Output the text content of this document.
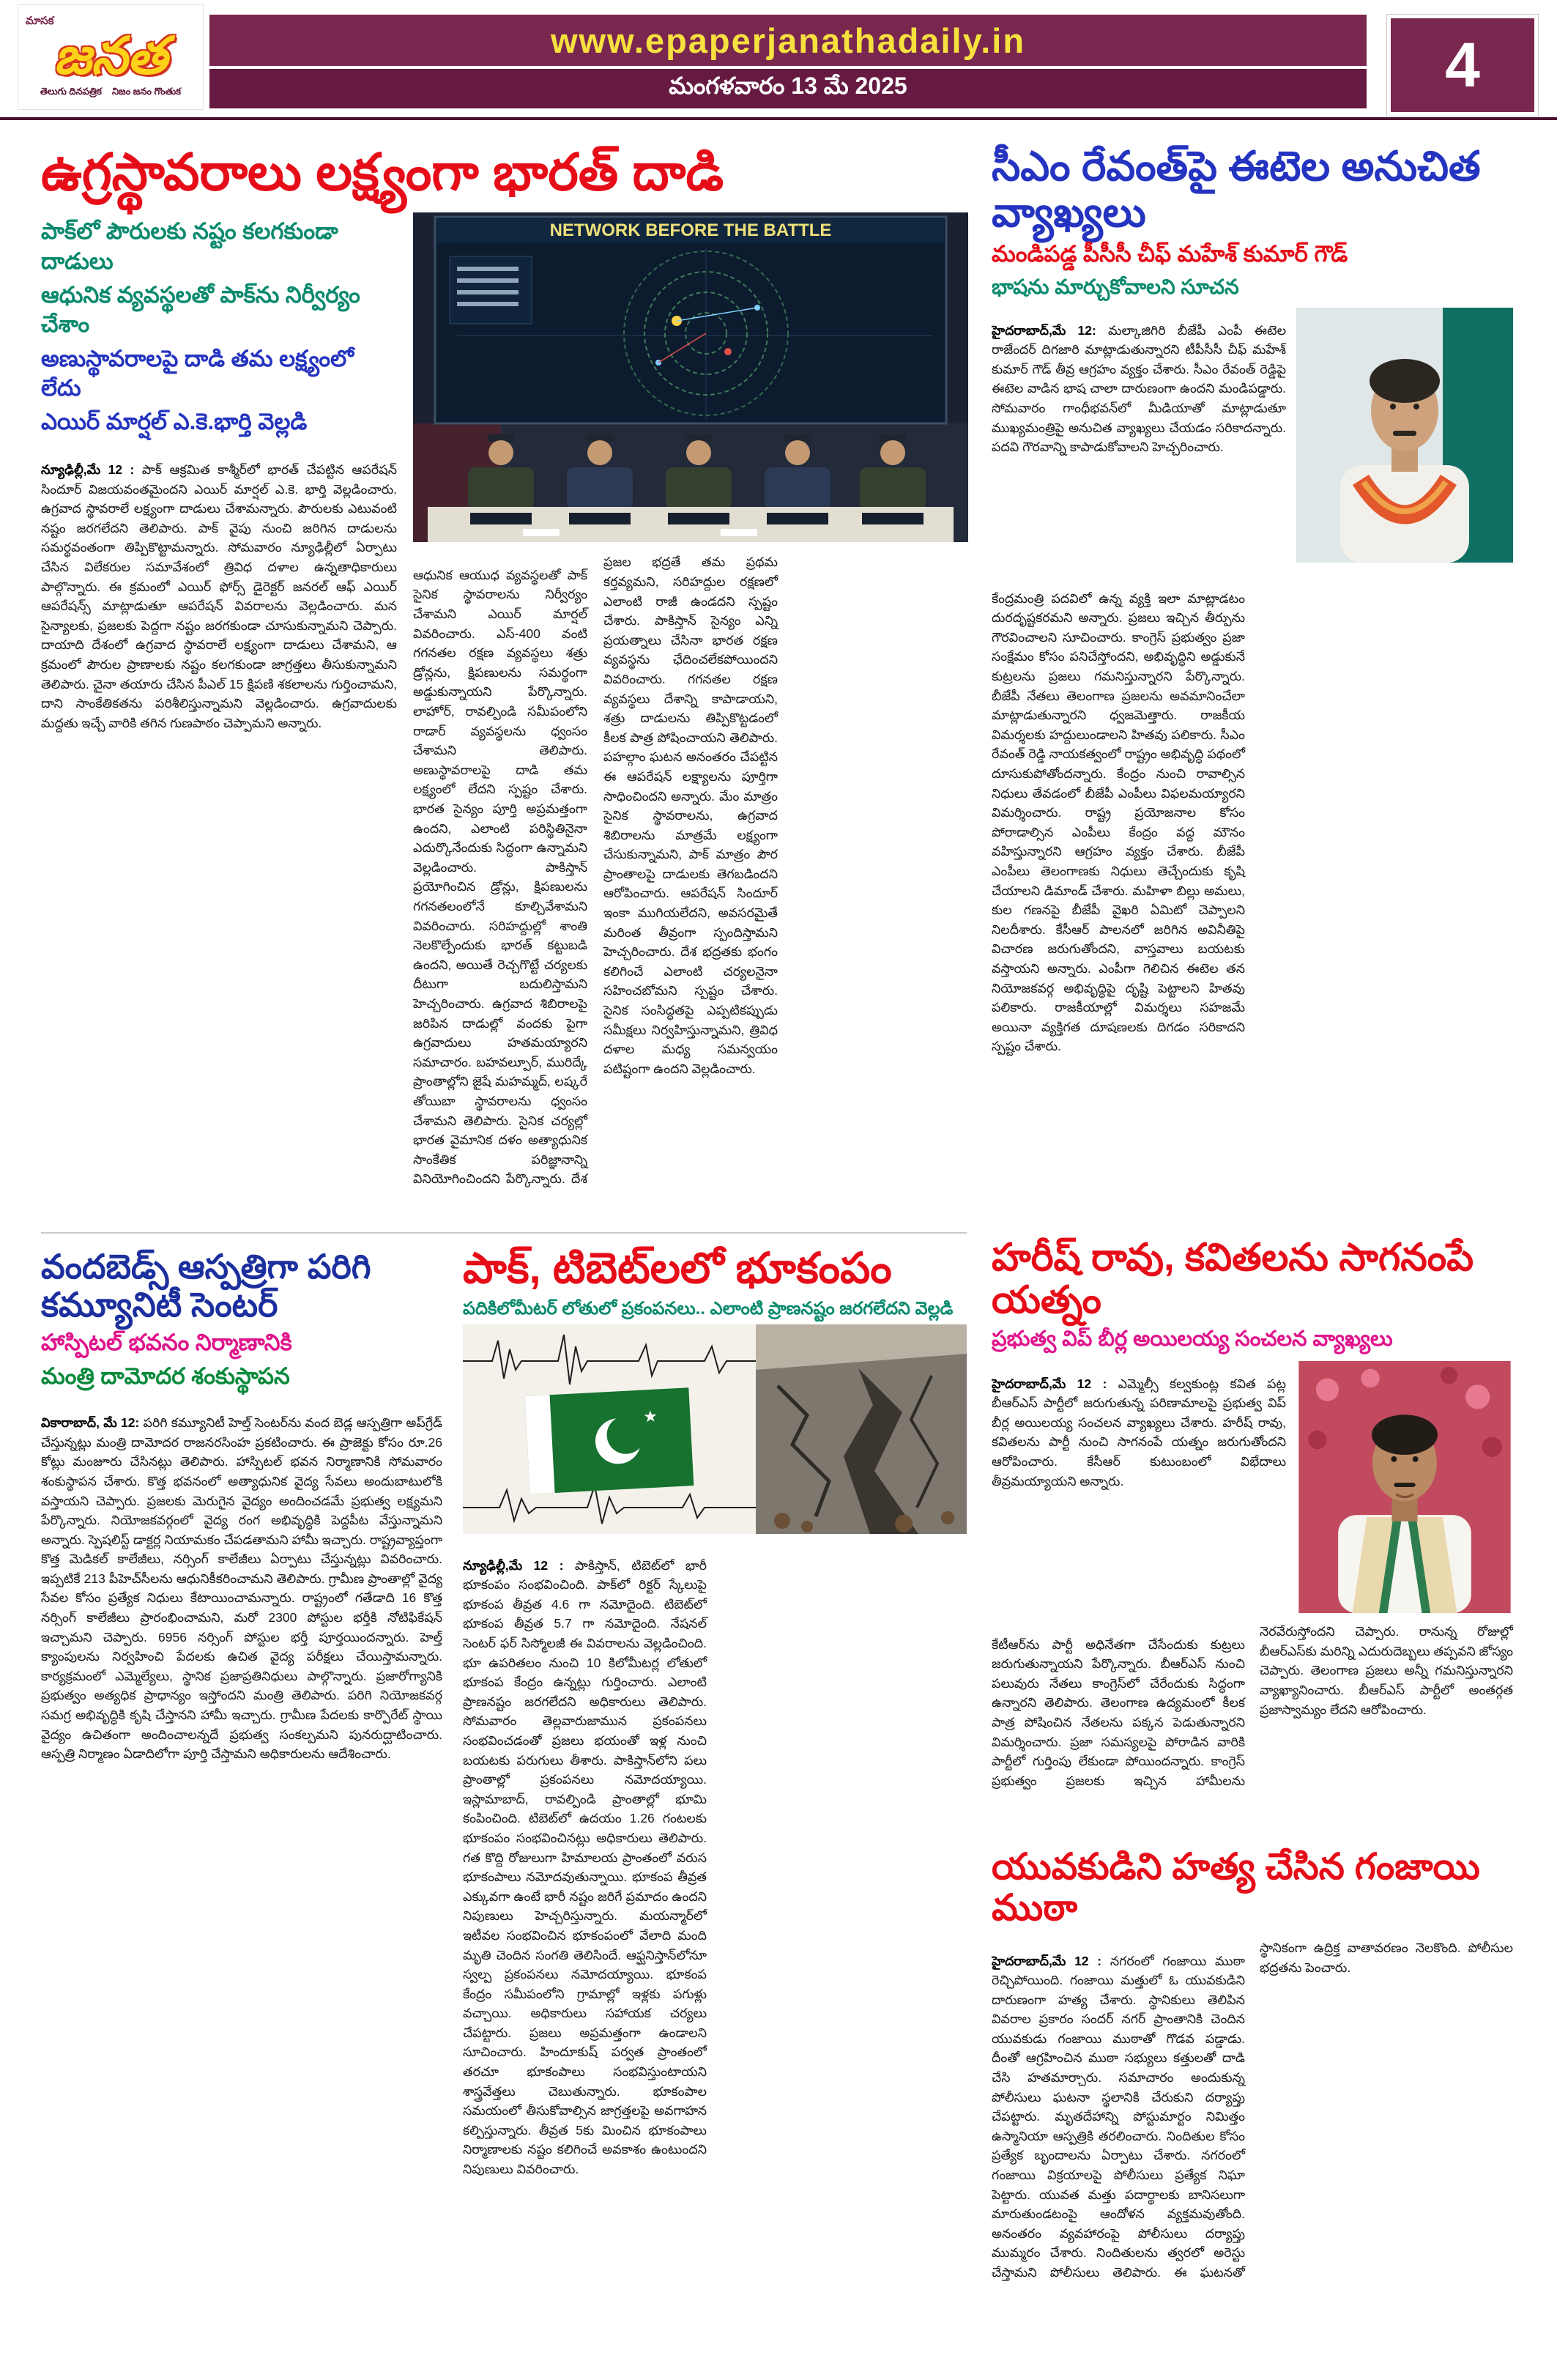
మాసక
జనత
తెలుగు దినపత్రిక నిజం జనం గొంతుక
www.epaperjanathadaily.in
మంగళవారం 13 మే 2025	4
ఉగ్రస్థావరాలు లక్ష్యంగా భారత్ దాడి
పాక్‌లో పౌరులకు నష్టం కలగకుండా దాడులు
ఆధునిక వ్యవస్థలతో పాక్‌ను నిర్వీర్యం చేశాం
అణుస్థావరాలపై దాడి తమ లక్ష్యంలో లేదు
ఎయిర్ మార్షల్ ఎ.కె.భార్తి వెల్లడి

న్యూఢిల్లీ,మే 12 : పాక్ ఆక్రమిత కాశ్మీర్‌లో భారత్ చేపట్టిన ఆపరేషన్ సిందూర్ విజయవంతమైందని ఎయిర్ మార్షల్ ఎ.కె. భార్తి వెల్లడించారు. ఉగ్రవాద స్థావరాలే లక్ష్యంగా దాడులు చేశామన్నారు. పౌరులకు ఎటువంటి నష్టం జరగలేదని తెలిపారు. పాక్ వైపు నుంచి జరిగిన దాడులను సమర్థవంతంగా తిప్పికొట్టామన్నారు. సోమవారం న్యూఢిల్లీలో ఏర్పాటు చేసిన విలేకరుల సమావేశంలో త్రివిధ దళాల ఉన్నతాధికారులు పాల్గొన్నారు. ఈ క్రమంలో ఎయిర్ ఫోర్స్ డైరెక్టర్ జనరల్ ఆఫ్ ఎయిర్ ఆపరేషన్స్ మాట్లాడుతూ ఆపరేషన్ వివరాలను వెల్లడించారు. మన సైన్యాలకు, ప్రజలకు పెద్దగా నష్టం జరగకుండా చూసుకున్నామని చెప్పారు. దాయాది దేశంలో ఉగ్రవాద స్థావరాలే లక్ష్యంగా దాడులు చేశామని, ఆ క్రమంలో పౌరుల ప్రాణాలకు నష్టం కలగకుండా జాగ్రత్తలు తీసుకున్నామని తెలిపారు. చైనా తయారు చేసిన పీఎల్ 15 క్షిపణి శకలాలను గుర్తించామని, దాని సాంకేతికతను పరిశీలిస్తున్నామని వెల్లడించారు. ఉగ్రవాదులకు మద్దతు ఇచ్చే వారికి తగిన గుణపాఠం చెప్పామని అన్నారు.

NETWORK BEFORE THE BATTLE

ఆధునిక ఆయుధ వ్యవస్థలతో పాక్ సైనిక స్థావరాలను నిర్వీర్యం చేశామని ఎయిర్ మార్షల్ వివరించారు. ఎస్-400 వంటి గగనతల రక్షణ వ్యవస్థలు శత్రు డ్రోన్లను, క్షిపణులను సమర్థంగా అడ్డుకున్నాయని పేర్కొన్నారు. లాహోర్, రావల్పిండి సమీపంలోని రాడార్ వ్యవస్థలను ధ్వంసం చేశామని తెలిపారు. అణుస్థావరాలపై దాడి తమ లక్ష్యంలో లేదని స్పష్టం చేశారు. భారత సైన్యం పూర్తి అప్రమత్తంగా ఉందని, ఎలాంటి పరిస్థితినైనా ఎదుర్కొనేందుకు సిద్ధంగా ఉన్నామని వెల్లడించారు. పాకిస్తాన్ ప్రయోగించిన డ్రోన్లు, క్షిపణులను గగనతలంలోనే కూల్చివేశామని వివరించారు. సరిహద్దుల్లో శాంతి నెలకొల్పేందుకు భారత్ కట్టుబడి ఉందని, అయితే రెచ్చగొట్టే చర్యలకు దీటుగా బదులిస్తామని హెచ్చరించారు. ఉగ్రవాద శిబిరాలపై జరిపిన దాడుల్లో వందకు పైగా ఉగ్రవాదులు హతమయ్యారని సమాచారం. బహవల్పూర్, మురిద్కే ప్రాంతాల్లోని జైషే మహమ్మద్, లష్కరే తోయిబా స్థావరాలను ధ్వంసం చేశామని తెలిపారు. సైనిక చర్యల్లో భారత వైమానిక దళం అత్యాధునిక సాంకేతిక పరిజ్ఞానాన్ని వినియోగించిందని పేర్కొన్నారు. దేశ ప్రజల భద్రతే తమ ప్రథమ కర్తవ్యమని, సరిహద్దుల రక్షణలో ఎలాంటి రాజీ ఉండదని స్పష్టం చేశారు. పాకిస్తాన్ సైన్యం ఎన్ని ప్రయత్నాలు చేసినా భారత రక్షణ వ్యవస్థను ఛేదించలేకపోయిందని వివరించారు. గగనతల రక్షణ వ్యవస్థలు దేశాన్ని కాపాడాయని, శత్రు దాడులను తిప్పికొట్టడంలో కీలక పాత్ర పోషించాయని తెలిపారు. పహల్గాం ఘటన అనంతరం చేపట్టిన ఈ ఆపరేషన్ లక్ష్యాలను పూర్తిగా సాధించిందని అన్నారు. మేం మాత్రం సైనిక స్థావరాలను, ఉగ్రవాద శిబిరాలను మాత్రమే లక్ష్యంగా చేసుకున్నామని, పాక్ మాత్రం పౌర ప్రాంతాలపై దాడులకు తెగబడిందని ఆరోపించారు. ఆపరేషన్ సిందూర్ ఇంకా ముగియలేదని, అవసరమైతే మరింత తీవ్రంగా స్పందిస్తామని హెచ్చరించారు. దేశ భద్రతకు భంగం కలిగించే ఎలాంటి చర్యలనైనా సహించబోమని స్పష్టం చేశారు. సైనిక సంసిద్ధతపై ఎప్పటికప్పుడు సమీక్షలు నిర్వహిస్తున్నామని, త్రివిధ దళాల మధ్య సమన్వయం పటిష్టంగా ఉందని వెల్లడించారు.

సీఎం రేవంత్‌పై ఈటెల అనుచిత వ్యాఖ్యలు
మండిపడ్డ పీసీసీ చీఫ్ మహేశ్ కుమార్ గౌడ్
భాషను మార్చుకోవాలని సూచన

హైదరాబాద్,మే 12: మల్కాజిగిరి బీజేపీ ఎంపీ ఈటెల రాజేందర్ దిగజారి మాట్లాడుతున్నారని టీపీసీసీ చీఫ్ మహేశ్ కుమార్ గౌడ్ తీవ్ర ఆగ్రహం వ్యక్తం చేశారు. సీఎం రేవంత్ రెడ్డిపై ఈటెల వాడిన భాష చాలా దారుణంగా ఉందని మండిపడ్డారు. సోమవారం గాంధీభవన్‌లో మీడియాతో మాట్లాడుతూ ముఖ్యమంత్రిపై అనుచిత వ్యాఖ్యలు చేయడం సరికాదన్నారు. పదవి గౌరవాన్ని కాపాడుకోవాలని హెచ్చరించారు.

కేంద్రమంత్రి పదవిలో ఉన్న వ్యక్తి ఇలా మాట్లాడటం దురదృష్టకరమని అన్నారు. ప్రజలు ఇచ్చిన తీర్పును గౌరవించాలని సూచించారు. కాంగ్రెస్ ప్రభుత్వం ప్రజా సంక్షేమం కోసం పనిచేస్తోందని, అభివృద్ధిని అడ్డుకునే కుట్రలను ప్రజలు గమనిస్తున్నారని పేర్కొన్నారు. బీజేపీ నేతలు తెలంగాణ ప్రజలను అవమానించేలా మాట్లాడుతున్నారని ధ్వజమెత్తారు. రాజకీయ విమర్శలకు హద్దులుండాలని హితవు పలికారు. సీఎం రేవంత్ రెడ్డి నాయకత్వంలో రాష్ట్రం అభివృద్ధి పథంలో దూసుకుపోతోందన్నారు. కేంద్రం నుంచి రావాల్సిన నిధులు తేవడంలో బీజేపీ ఎంపీలు విఫలమయ్యారని విమర్శించారు. రాష్ట్ర ప్రయోజనాల కోసం పోరాడాల్సిన ఎంపీలు కేంద్రం వద్ద మౌనం వహిస్తున్నారని ఆగ్రహం వ్యక్తం చేశారు. బీజేపీ ఎంపీలు తెలంగాణకు నిధులు తెచ్చేందుకు కృషి చేయాలని డిమాండ్ చేశారు. మహిళా బిల్లు అమలు, కుల గణనపై బీజేపీ వైఖరి ఏమిటో చెప్పాలని నిలదీశారు. కేసీఆర్ పాలనలో జరిగిన అవినీతిపై విచారణ జరుగుతోందని, వాస్తవాలు బయటకు వస్తాయని అన్నారు. ఎంపీగా గెలిచిన ఈటెల తన నియోజకవర్గ అభివృద్ధిపై దృష్టి పెట్టాలని హితవు పలికారు. రాజకీయాల్లో విమర్శలు సహజమే అయినా వ్యక్తిగత దూషణలకు దిగడం సరికాదని స్పష్టం చేశారు.

హరీష్ రావు, కవితలను సాగనంపే యత్నం
ప్రభుత్వ విప్ బీర్ల అయిలయ్య సంచలన వ్యాఖ్యలు

హైదరాబాద్,మే 12 : ఎమ్మెల్సీ కల్వకుంట్ల కవిత పట్ల బీఆర్ఎస్ పార్టీలో జరుగుతున్న పరిణామాలపై ప్రభుత్వ విప్ బీర్ల అయిలయ్య సంచలన వ్యాఖ్యలు చేశారు. హరీష్ రావు, కవితలను పార్టీ నుంచి సాగనంపే యత్నం జరుగుతోందని ఆరోపించారు. కేసీఆర్ కుటుంబంలో విభేదాలు తీవ్రమయ్యాయని అన్నారు.

కేటీఆర్‌ను పార్టీ అధినేతగా చేసేందుకు కుట్రలు జరుగుతున్నాయని పేర్కొన్నారు. బీఆర్ఎస్ నుంచి పలువురు నేతలు కాంగ్రెస్‌లో చేరేందుకు సిద్ధంగా ఉన్నారని తెలిపారు. తెలంగాణ ఉద్యమంలో కీలక పాత్ర పోషించిన నేతలను పక్కన పెడుతున్నారని విమర్శించారు. ప్రజా సమస్యలపై పోరాడిన వారికి పార్టీలో గుర్తింపు లేకుండా పోయిందన్నారు. కాంగ్రెస్ ప్రభుత్వం ప్రజలకు ఇచ్చిన హామీలను నెరవేరుస్తోందని చెప్పారు. రానున్న రోజుల్లో బీఆర్ఎస్‌కు మరిన్ని ఎదురుదెబ్బలు తప్పవని జోస్యం చెప్పారు. తెలంగాణ ప్రజలు అన్నీ గమనిస్తున్నారని వ్యాఖ్యానించారు. బీఆర్ఎస్ పార్టీలో అంతర్గత ప్రజాస్వామ్యం లేదని ఆరోపించారు.

వందబెడ్స్ ఆస్పత్రిగా పరిగి కమ్యూనిటీ సెంటర్
హాస్పిటల్ భవనం నిర్మాణానికి
మంత్రి దామోదర శంకుస్థాపన

వికారాబాద్, మే 12: పరిగి కమ్యూనిటీ హెల్త్ సెంటర్‌ను వంద బెడ్ల ఆస్పత్రిగా అప్‌గ్రేడ్ చేస్తున్నట్లు మంత్రి దామోదర రాజనరసింహ ప్రకటించారు. ఈ ప్రాజెక్టు కోసం రూ.26 కోట్లు మంజూరు చేసినట్లు తెలిపారు. హాస్పిటల్ భవన నిర్మాణానికి సోమవారం శంకుస్థాపన చేశారు. కొత్త భవనంలో అత్యాధునిక వైద్య సేవలు అందుబాటులోకి వస్తాయని చెప్పారు. ప్రజలకు మెరుగైన వైద్యం అందించడమే ప్రభుత్వ లక్ష్యమని పేర్కొన్నారు. నియోజకవర్గంలో వైద్య రంగ అభివృద్ధికి పెద్దపీట వేస్తున్నామని అన్నారు. స్పెషలిస్ట్ డాక్టర్ల నియామకం చేపడతామని హామీ ఇచ్చారు. రాష్ట్రవ్యాప్తంగా కొత్త మెడికల్ కాలేజీలు, నర్సింగ్ కాలేజీలు ఏర్పాటు చేస్తున్నట్లు వివరించారు. ఇప్పటికే 213 పీహెచ్‌సీలను ఆధునికీకరించామని తెలిపారు. గ్రామీణ ప్రాంతాల్లో వైద్య సేవల కోసం ప్రత్యేక నిధులు కేటాయించామన్నారు. రాష్ట్రంలో గతేడాది 16 కొత్త నర్సింగ్ కాలేజీలు ప్రారంభించామని, మరో 2300 పోస్టుల భర్తీకి నోటిఫికేషన్ ఇచ్చామని చెప్పారు. 6956 నర్సింగ్ పోస్టుల భర్తీ పూర్తయిందన్నారు. హెల్త్ క్యాంపులను నిర్వహించి పేదలకు ఉచిత వైద్య పరీక్షలు చేయిస్తామన్నారు. కార్యక్రమంలో ఎమ్మెల్యేలు, స్థానిక ప్రజాప్రతినిధులు పాల్గొన్నారు. ప్రజారోగ్యానికి ప్రభుత్వం అత్యధిక ప్రాధాన్యం ఇస్తోందని మంత్రి తెలిపారు. పరిగి నియోజకవర్గ సమగ్ర అభివృద్ధికి కృషి చేస్తానని హామీ ఇచ్చారు. గ్రామీణ పేదలకు కార్పొరేట్ స్థాయి వైద్యం ఉచితంగా అందించాలన్నదే ప్రభుత్వ సంకల్పమని పునరుద్ఘాటించారు. ఆస్పత్రి నిర్మాణం ఏడాదిలోగా పూర్తి చేస్తామని అధికారులను ఆదేశించారు.

పాక్, టిబెట్‌లలో భూకంపం
పదికిలోమీటర్ లోతులో ప్రకంపనలు.. ఎలాంటి ప్రాణనష్టం జరగలేదని వెల్లడి
★

న్యూఢిల్లీ,మే 12 : పాకిస్తాన్, టిబెట్‌లో భారీ భూకంపం సంభవించింది. పాక్‌లో రిక్టర్ స్కేలుపై భూకంప తీవ్రత 4.6 గా నమోదైంది. టిబెట్‌లో భూకంప తీవ్రత 5.7 గా నమోదైంది. నేషనల్ సెంటర్ ఫర్ సిస్మోలజీ ఈ వివరాలను వెల్లడించింది. భూ ఉపరితలం నుంచి 10 కిలోమీటర్ల లోతులో భూకంప కేంద్రం ఉన్నట్లు గుర్తించారు. ఎలాంటి ప్రాణనష్టం జరగలేదని అధికారులు తెలిపారు. సోమవారం తెల్లవారుజామున ప్రకంపనలు సంభవించడంతో ప్రజలు భయంతో ఇళ్ల నుంచి బయటకు పరుగులు తీశారు. పాకిస్తాన్‌లోని పలు ప్రాంతాల్లో ప్రకంపనలు నమోదయ్యాయి. ఇస్లామాబాద్, రావల్పిండి ప్రాంతాల్లో భూమి కంపించింది. టిబెట్‌లో ఉదయం 1.26 గంటలకు భూకంపం సంభవించినట్లు అధికారులు తెలిపారు. గత కొద్ది రోజులుగా హిమాలయ ప్రాంతంలో వరుస భూకంపాలు నమోదవుతున్నాయి. భూకంప తీవ్రత ఎక్కువగా ఉంటే భారీ నష్టం జరిగే ప్రమాదం ఉందని నిపుణులు హెచ్చరిస్తున్నారు. మయన్మార్‌లో ఇటీవల సంభవించిన భూకంపంలో వేలాది మంది మృతి చెందిన సంగతి తెలిసిందే. ఆఫ్ఘనిస్తాన్‌లోనూ స్వల్ప ప్రకంపనలు నమోదయ్యాయి. భూకంప కేంద్రం సమీపంలోని గ్రామాల్లో ఇళ్లకు పగుళ్లు వచ్చాయి. అధికారులు సహాయక చర్యలు చేపట్టారు. ప్రజలు అప్రమత్తంగా ఉండాలని సూచించారు. హిందూకుష్ పర్వత ప్రాంతంలో తరచూ భూకంపాలు సంభవిస్తుంటాయని శాస్త్రవేత్తలు చెబుతున్నారు. భూకంపాల సమయంలో తీసుకోవాల్సిన జాగ్రత్తలపై అవగాహన కల్పిస్తున్నారు. తీవ్రత 5కు మించిన భూకంపాలు నిర్మాణాలకు నష్టం కలిగించే అవకాశం ఉంటుందని నిపుణులు వివరించారు.

యువకుడిని హత్య చేసిన గంజాయి ముఠా

హైదరాబాద్,మే 12 : నగరంలో గంజాయి ముఠా రెచ్చిపోయింది. గంజాయి మత్తులో ఓ యువకుడిని దారుణంగా హత్య చేశారు. స్థానికులు తెలిపిన వివరాల ప్రకారం సందర్ నగర్ ప్రాంతానికి చెందిన యువకుడు గంజాయి ముఠాతో గొడవ పడ్డాడు. దీంతో ఆగ్రహించిన ముఠా సభ్యులు కత్తులతో దాడి చేసి హతమార్చారు. సమాచారం అందుకున్న పోలీసులు ఘటనా స్థలానికి చేరుకుని దర్యాప్తు చేపట్టారు. మృతదేహాన్ని పోస్టుమార్టం నిమిత్తం ఉస్మానియా ఆస్పత్రికి తరలించారు. నిందితుల కోసం ప్రత్యేక బృందాలను ఏర్పాటు చేశారు. నగరంలో గంజాయి విక్రయాలపై పోలీసులు ప్రత్యేక నిఘా పెట్టారు. యువత మత్తు పదార్థాలకు బానిసలుగా మారుతుండటంపై ఆందోళన వ్యక్తమవుతోంది. అనంతరం వ్యవహారంపై పోలీసులు దర్యాప్తు ముమ్మరం చేశారు. నిందితులను త్వరలో అరెస్టు చేస్తామని పోలీసులు తెలిపారు. ఈ ఘటనతో స్థానికంగా ఉద్రిక్త వాతావరణం నెలకొంది. పోలీసుల భద్రతను పెంచారు.
